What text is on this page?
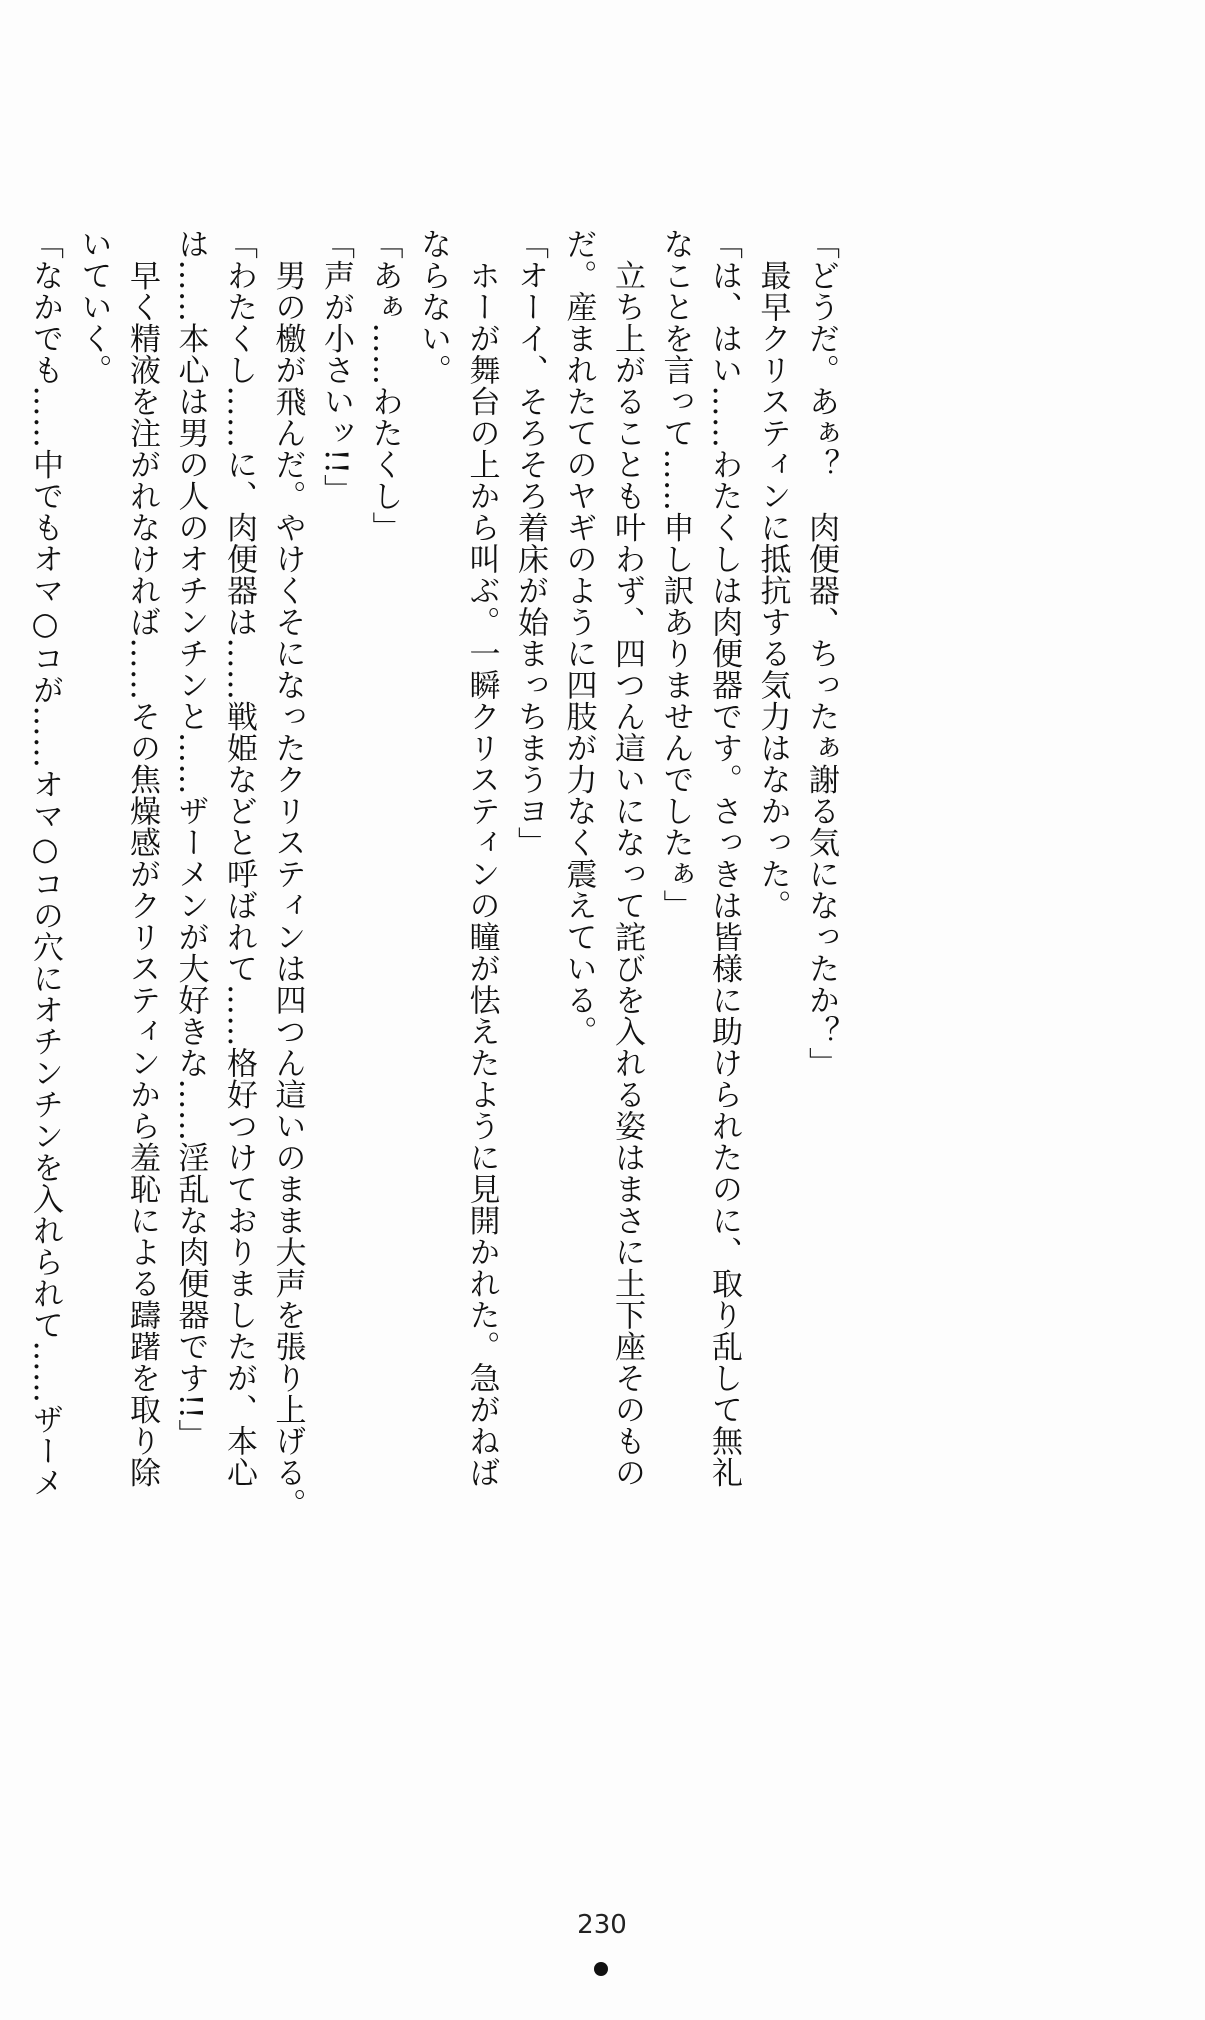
「どうだ。あぁ？　肉便器、ちったぁ謝る気になったか？」
　最早クリスティンに抵抗する気力はなかった。
「は、はい……わたくしは肉便器です。さっきは皆様に助けられたのに、取り乱して無礼
なことを言って……申し訳ありませんでしたぁ」
　立ち上がることも叶わず、四つん這いになって詫びを入れる姿はまさに土下座そのもの
だ。産まれたてのヤギのように四肢が力なく震えている。
「オーイ、そろそろ着床が始まっちまうヨ」
　ホーが舞台の上から叫ぶ。一瞬クリスティンの瞳が怯えたように見開かれた。急がねば
ならない。
「あぁ……わたくし」
「声が小さいッ!!」
　男の檄が飛んだ。やけくそになったクリスティンは四つん這いのまま大声を張り上げる。
「わたくし……に、肉便器は……戦姫などと呼ばれて……格好つけておりましたが、本心
は……本心は男の人のオチンチンと……ザーメンが大好きな……淫乱な肉便器です!!」
　早く精液を注がれなければ……その焦燥感がクリスティンから羞恥による躊躇を取り除
いていく。
「なかでも……中でもオマ○コが……オマ○コの穴にオチンチンを入れられて……ザーメ
230
